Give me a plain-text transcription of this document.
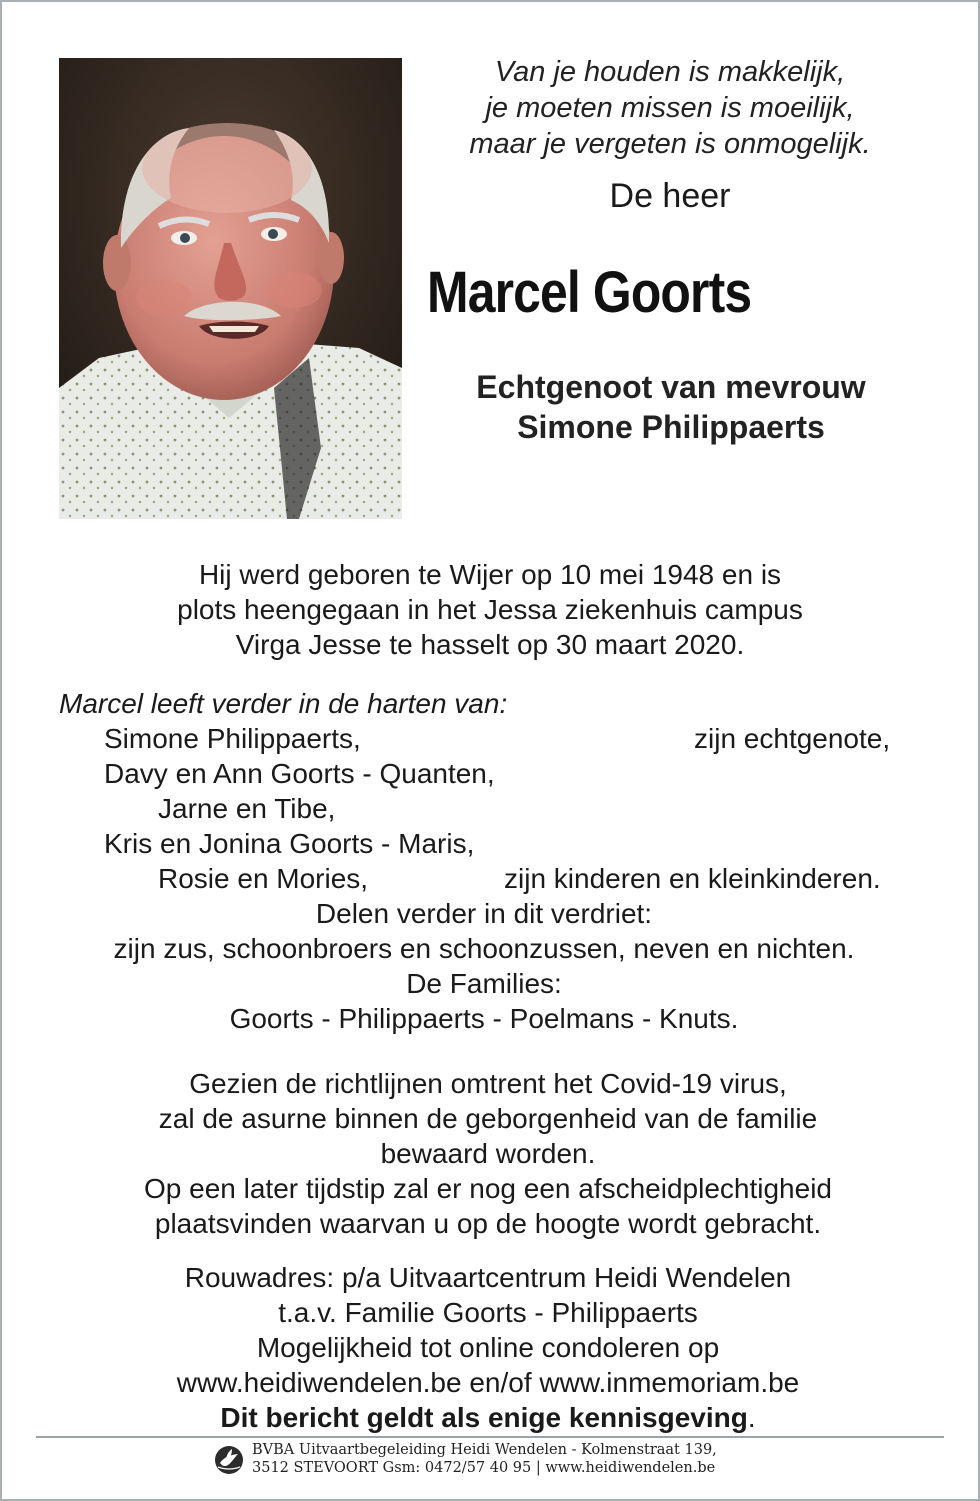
Van je houden is makkelijk,
je moeten missen is moeilijk,
maar je vergeten is onmogelijk.
De heer
Marcel Goorts
Echtgenoot van mevrouw
Simone Philippaerts
Hij werd geboren te Wijer op 10 mei 1948 en is
plots heengegaan in het Jessa ziekenhuis campus
Virga Jesse te hasselt op 30 maart 2020.
Marcel leeft verder in de harten van:
Simone Philippaerts,	zijn echtgenote,
Davy en Ann Goorts - Quanten,
Jarne en Tibe,
Kris en Jonina Goorts - Maris,
Rosie en Mories,	zijn kinderen en kleinkinderen.
Delen verder in dit verdriet:
zijn zus, schoonbroers en schoonzussen, neven en nichten.
De Families:
Goorts - Philippaerts - Poelmans - Knuts.
Gezien de richtlijnen omtrent het Covid-19 virus,
zal de asurne binnen de geborgenheid van de familie
bewaard worden.
Op een later tijdstip zal er nog een afscheidplechtigheid
plaatsvinden waarvan u op de hoogte wordt gebracht.
Rouwadres: p/a Uitvaartcentrum Heidi Wendelen
t.a.v. Familie Goorts - Philippaerts
Mogelijkheid tot online condoleren op
www.heidiwendelen.be en/of www.inmemoriam.be
Dit bericht geldt als enige kennisgeving.
BVBA Uitvaartbegeleiding Heidi Wendelen - Kolmenstraat 139,
3512 STEVOORT Gsm: 0472/57 40 95 | www.heidiwendelen.be
